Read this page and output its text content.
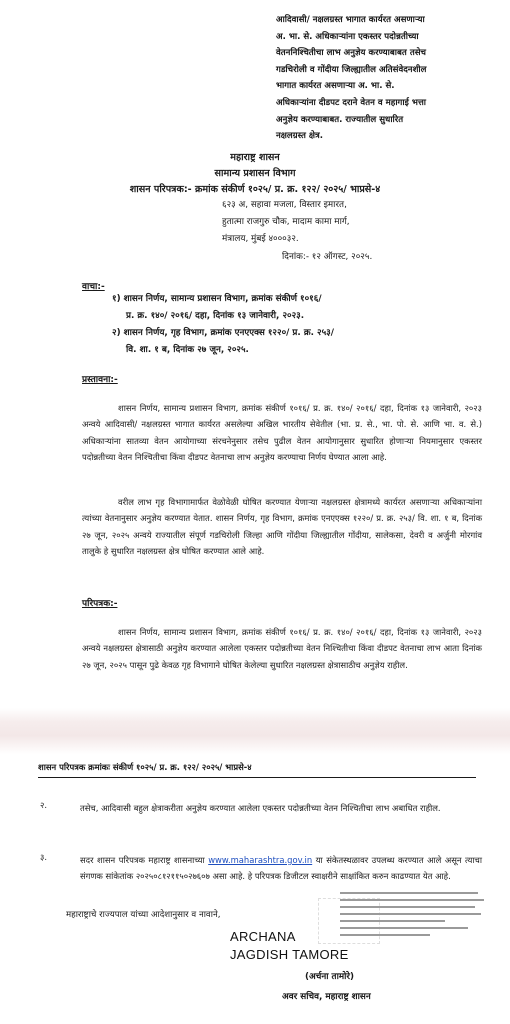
आदिवासी/ नक्षलग्रस्त भागात कार्यरत असणाऱ्या
अ. भा. से. अधिकाऱ्यांना एकस्तर पदोन्नतीच्या
वेतननिश्चितीचा लाभ अनुज्ञेय करण्याबाबत तसेच
गडचिरोली व गोंदीया जिल्ह्यातील अतिसंवेदनशील
भागात कार्यरत असणाऱ्या अ. भा. से.
अधिकाऱ्यांना दीडपट दराने वेतन व महागाई भत्ता
अनुज्ञेय करण्याबाबत. राज्यातील सुधारित
नक्षलग्रस्त क्षेत्र.
महाराष्ट्र शासन
सामान्य प्रशासन विभाग
शासन परिपत्रक:- क्रमांक संकीर्ण १०२५/ प्र. क्र. १२२/ २०२५/ भाप्रसे-४
६२३ अ, सहावा मजला, विस्तार इमारत,
हुतात्मा राजगुरु चौक, मादाम कामा मार्ग,
मंत्रालय, मुंबई ४०००३२.
दिनांक:- १२ ऑगस्ट, २०२५.
वाचा:-
१) शासन निर्णय, सामान्य प्रशासन विभाग, क्रमांक संकीर्ण १०१६/
प्र. क्र. १४०/ २०१६/ दहा, दिनांक १३ जानेवारी, २०२३.
२) शासन निर्णय, गृह विभाग, क्रमांक एनएएक्स १२२०/ प्र. क्र. २५३/
वि. शा. १ ब, दिनांक २७ जून, २०२५.
प्रस्तावना:-
शासन निर्णय, सामान्य प्रशासन विभाग, क्रमांक संकीर्ण १०१६/ प्र. क्र. १४०/ २०१६/ दहा, दिनांक १३ जानेवारी, २०२३ अन्वये आदिवासी/ नक्षलग्रस्त भागात कार्यरत असलेल्या अखिल भारतीय सेवेतील (भा. प्र. से., भा. पो. से. आणि भा. व. से.) अधिकाऱ्यांना सातव्या वेतन आयोगाच्या संरचनेनुसार तसेच पुढील वेतन आयोगानुसार सुधारित होणाऱ्या नियमानुसार एकस्तर पदोन्नतीच्या वेतन निश्चितीचा किंवा दीडपट वेतनाचा लाभ अनुज्ञेय करण्याचा निर्णय घेण्यात आला आहे.
वरील लाभ गृह विभागामार्फत वेळोवेळी घोषित करण्यात येणाऱ्या नक्षलग्रस्त क्षेत्रामध्ये कार्यरत असणाऱ्या अधिकाऱ्यांना त्यांच्या वेतनानुसार अनुज्ञेय करण्यात येतात. शासन निर्णय, गृह विभाग, क्रमांक एनएएक्स १२२०/ प्र. क्र. २५३/ वि. शा. १ ब, दिनांक २७ जून, २०२५ अन्वये राज्यातील संपूर्ण गडचिरोली जिल्हा आणि गोंदीया जिल्ह्यातील गोंदीया, सालेकसा, देवरी व अर्जुनी मोरगांव तालुके हे सुधारित नक्षलग्रस्त क्षेत्र घोषित करण्यात आले आहे.
परिपत्रक:-
शासन निर्णय, सामान्य प्रशासन विभाग, क्रमांक संकीर्ण १०१६/ प्र. क्र. १४०/ २०१६/ दहा, दिनांक १३ जानेवारी, २०२३ अन्वये नक्षलग्रस्त क्षेत्रासाठी अनुज्ञेय करण्यात आलेला एकस्तर पदोन्नतीच्या वेतन निश्चितीचा किंवा दीडपट वेतनाचा लाभ आता दिनांक २७ जून, २०२५ पासून पुढे केवळ गृह विभागाने घोषित केलेल्या सुधारित नक्षलग्रस्त क्षेत्रासाठीच अनुज्ञेय राहील.
शासन परिपत्रक क्रमांकः संकीर्ण १०२५/ प्र. क्र. १२२/ २०२५/ भाप्रसे-४
२.	तसेच, आदिवासी बहुल क्षेत्राकरीता अनुज्ञेय करण्यात आलेला एकस्तर पदोन्नतीच्या वेतन निश्चितीचा लाभ अबाधित राहील.
३.	सदर शासन परिपत्रक महाराष्ट्र शासनाच्या www.maharashtra.gov.in या संकेतस्थळावर उपलब्ध करण्यात आले असून त्याचा संगणक सांकेतांक २०२५०८१२११५०२७६०७ असा आहे. हे परिपत्रक डिजीटल स्वाक्षरीने साक्षांकित करुन काढण्यात येत आहे.
महाराष्ट्राचे राज्यपाल यांच्या आदेशानुसार व नावाने,
ARCHANA
JAGDISH TAMORE
(अर्चना तामोरे)
अवर सचिव, महाराष्ट्र शासन
